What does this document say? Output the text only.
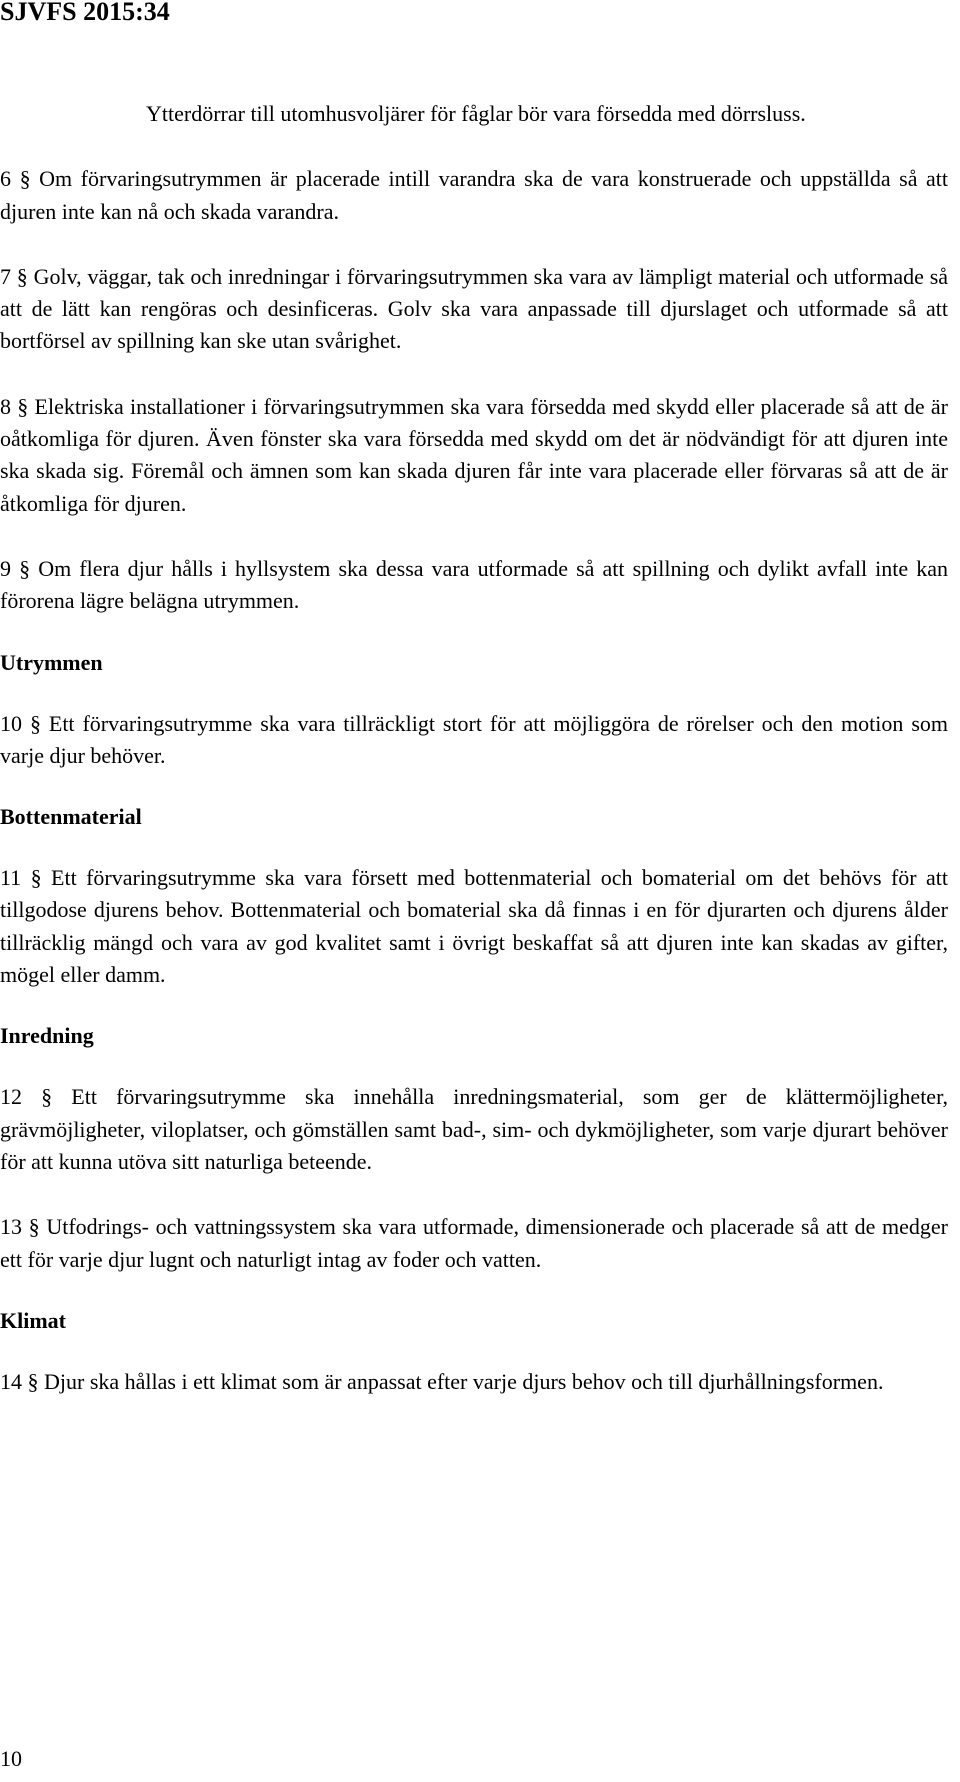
SJVFS 2015:34

Ytterdörrar till utomhusvoljärer för fåglar bör vara försedda med dörrsluss.

6 § Om förvaringsutrymmen är placerade intill varandra ska de vara konstruerade och uppställda så att djuren inte kan nå och skada varandra.

7 § Golv, väggar, tak och inredningar i förvaringsutrymmen ska vara av lämpligt material och utformade så att de lätt kan rengöras och desinficeras. Golv ska vara anpassade till djurslaget och utformade så att bortförsel av spillning kan ske utan svårighet.

8 § Elektriska installationer i förvaringsutrymmen ska vara försedda med skydd eller placerade så att de är oåtkomliga för djuren. Även fönster ska vara försedda med skydd om det är nödvändigt för att djuren inte ska skada sig. Föremål och ämnen som kan skada djuren får inte vara placerade eller förvaras så att de är åtkomliga för djuren.

9 § Om flera djur hålls i hyllsystem ska dessa vara utformade så att spillning och dylikt avfall inte kan förorena lägre belägna utrymmen.

Utrymmen

10 § Ett förvaringsutrymme ska vara tillräckligt stort för att möjliggöra de rörelser och den motion som varje djur behöver.

Bottenmaterial

11 § Ett förvaringsutrymme ska vara försett med bottenmaterial och bomaterial om det behövs för att tillgodose djurens behov. Bottenmaterial och bomaterial ska då finnas i en för djurarten och djurens ålder tillräcklig mängd och vara av god kvalitet samt i övrigt beskaffat så att djuren inte kan skadas av gifter, mögel eller damm.

Inredning

12 § Ett förvaringsutrymme ska innehålla inredningsmaterial, som ger de klättermöjligheter, grävmöjligheter, viloplatser, och gömställen samt bad-, sim- och dykmöjligheter, som varje djurart behöver för att kunna utöva sitt naturliga beteende.

13 § Utfodrings- och vattningssystem ska vara utformade, dimensionerade och placerade så att de medger ett för varje djur lugnt och naturligt intag av foder och vatten.

Klimat

14 § Djur ska hållas i ett klimat som är anpassat efter varje djurs behov och till djurhållningsformen.

10
